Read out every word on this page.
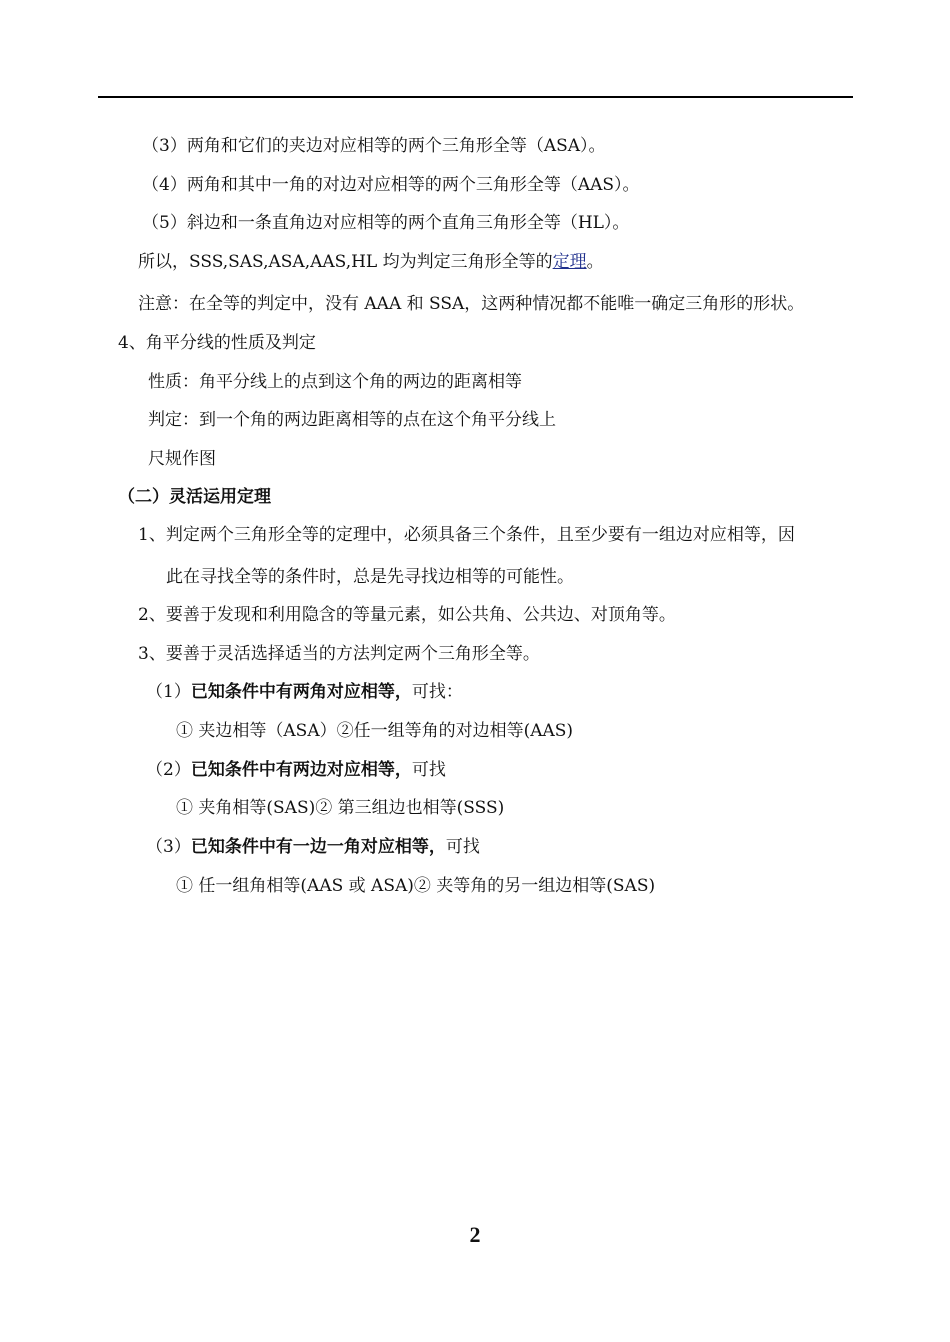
（3）两角和它们的夹边对应相等的两个三角形全等（ASA）。
（4）两角和其中一角的对边对应相等的两个三角形全等（AAS）。
（5）斜边和一条直角边对应相等的两个直角三角形全等（HL）。
所以，SSS,SAS,ASA,AAS,HL 均为判定三角形全等的定理。
注意：在全等的判定中，没有 AAA 和 SSA，这两种情况都不能唯一确定三角形的形状。
4、角平分线的性质及判定
性质：角平分线上的点到这个角的两边的距离相等
判定：到一个角的两边距离相等的点在这个角平分线上
尺规作图
（二）灵活运用定理
1、判定两个三角形全等的定理中，必须具备三个条件，且至少要有一组边对应相等，因
此在寻找全等的条件时，总是先寻找边相等的可能性。
2、要善于发现和利用隐含的等量元素，如公共角、公共边、对顶角等。
3、要善于灵活选择适当的方法判定两个三角形全等。
（1）已知条件中有两角对应相等，可找：
① 夹边相等（ASA）②任一组等角的对边相等(AAS)
（2）已知条件中有两边对应相等，可找
① 夹角相等(SAS)② 第三组边也相等(SSS)
（3）已知条件中有一边一角对应相等，可找
① 任一组角相等(AAS 或 ASA)② 夹等角的另一组边相等(SAS)
2
